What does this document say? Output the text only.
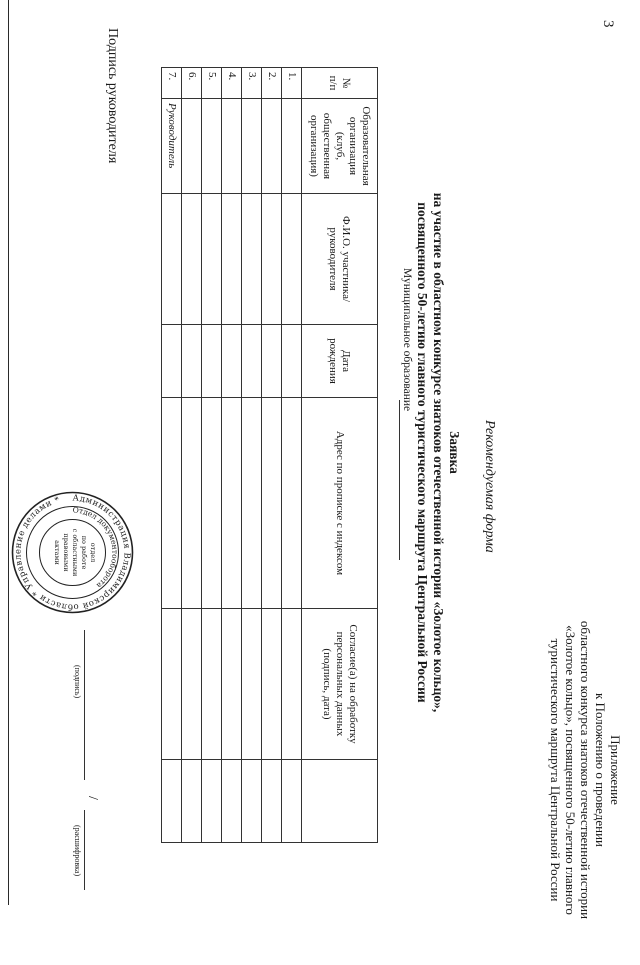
3
Приложение
к Положению о проведении
областного конкурса знатоков отечественной истории
«Золотое кольцо», посвященного 50-летию главного
туристического маршрута Центральной России
Рекомендуемая форма
Заявка
на участие в областном конкурсе знатоков отечественной истории «Золотое кольцо»,
посвященного 50-летию главного туристического маршрута Центральной России
Муниципальное образование
№ п/п	Образовательная организация (клуб, общественная организация)	Ф.И.О. участника/руководителя	Дата рождения	Адрес по прописке с индексом	Согласие(а) на обработку персональных данных (подпись, дата)	
1.						
2.						
3.						
4.						
5.						
6.						
7.	Руководитель					
Подпись руководителя
/
(подпись)
(расшифровка)
Администрация Владимирской области * Управление делами *
Отдел документооборота
отдел
по работе
с областными
правовыми
актами
